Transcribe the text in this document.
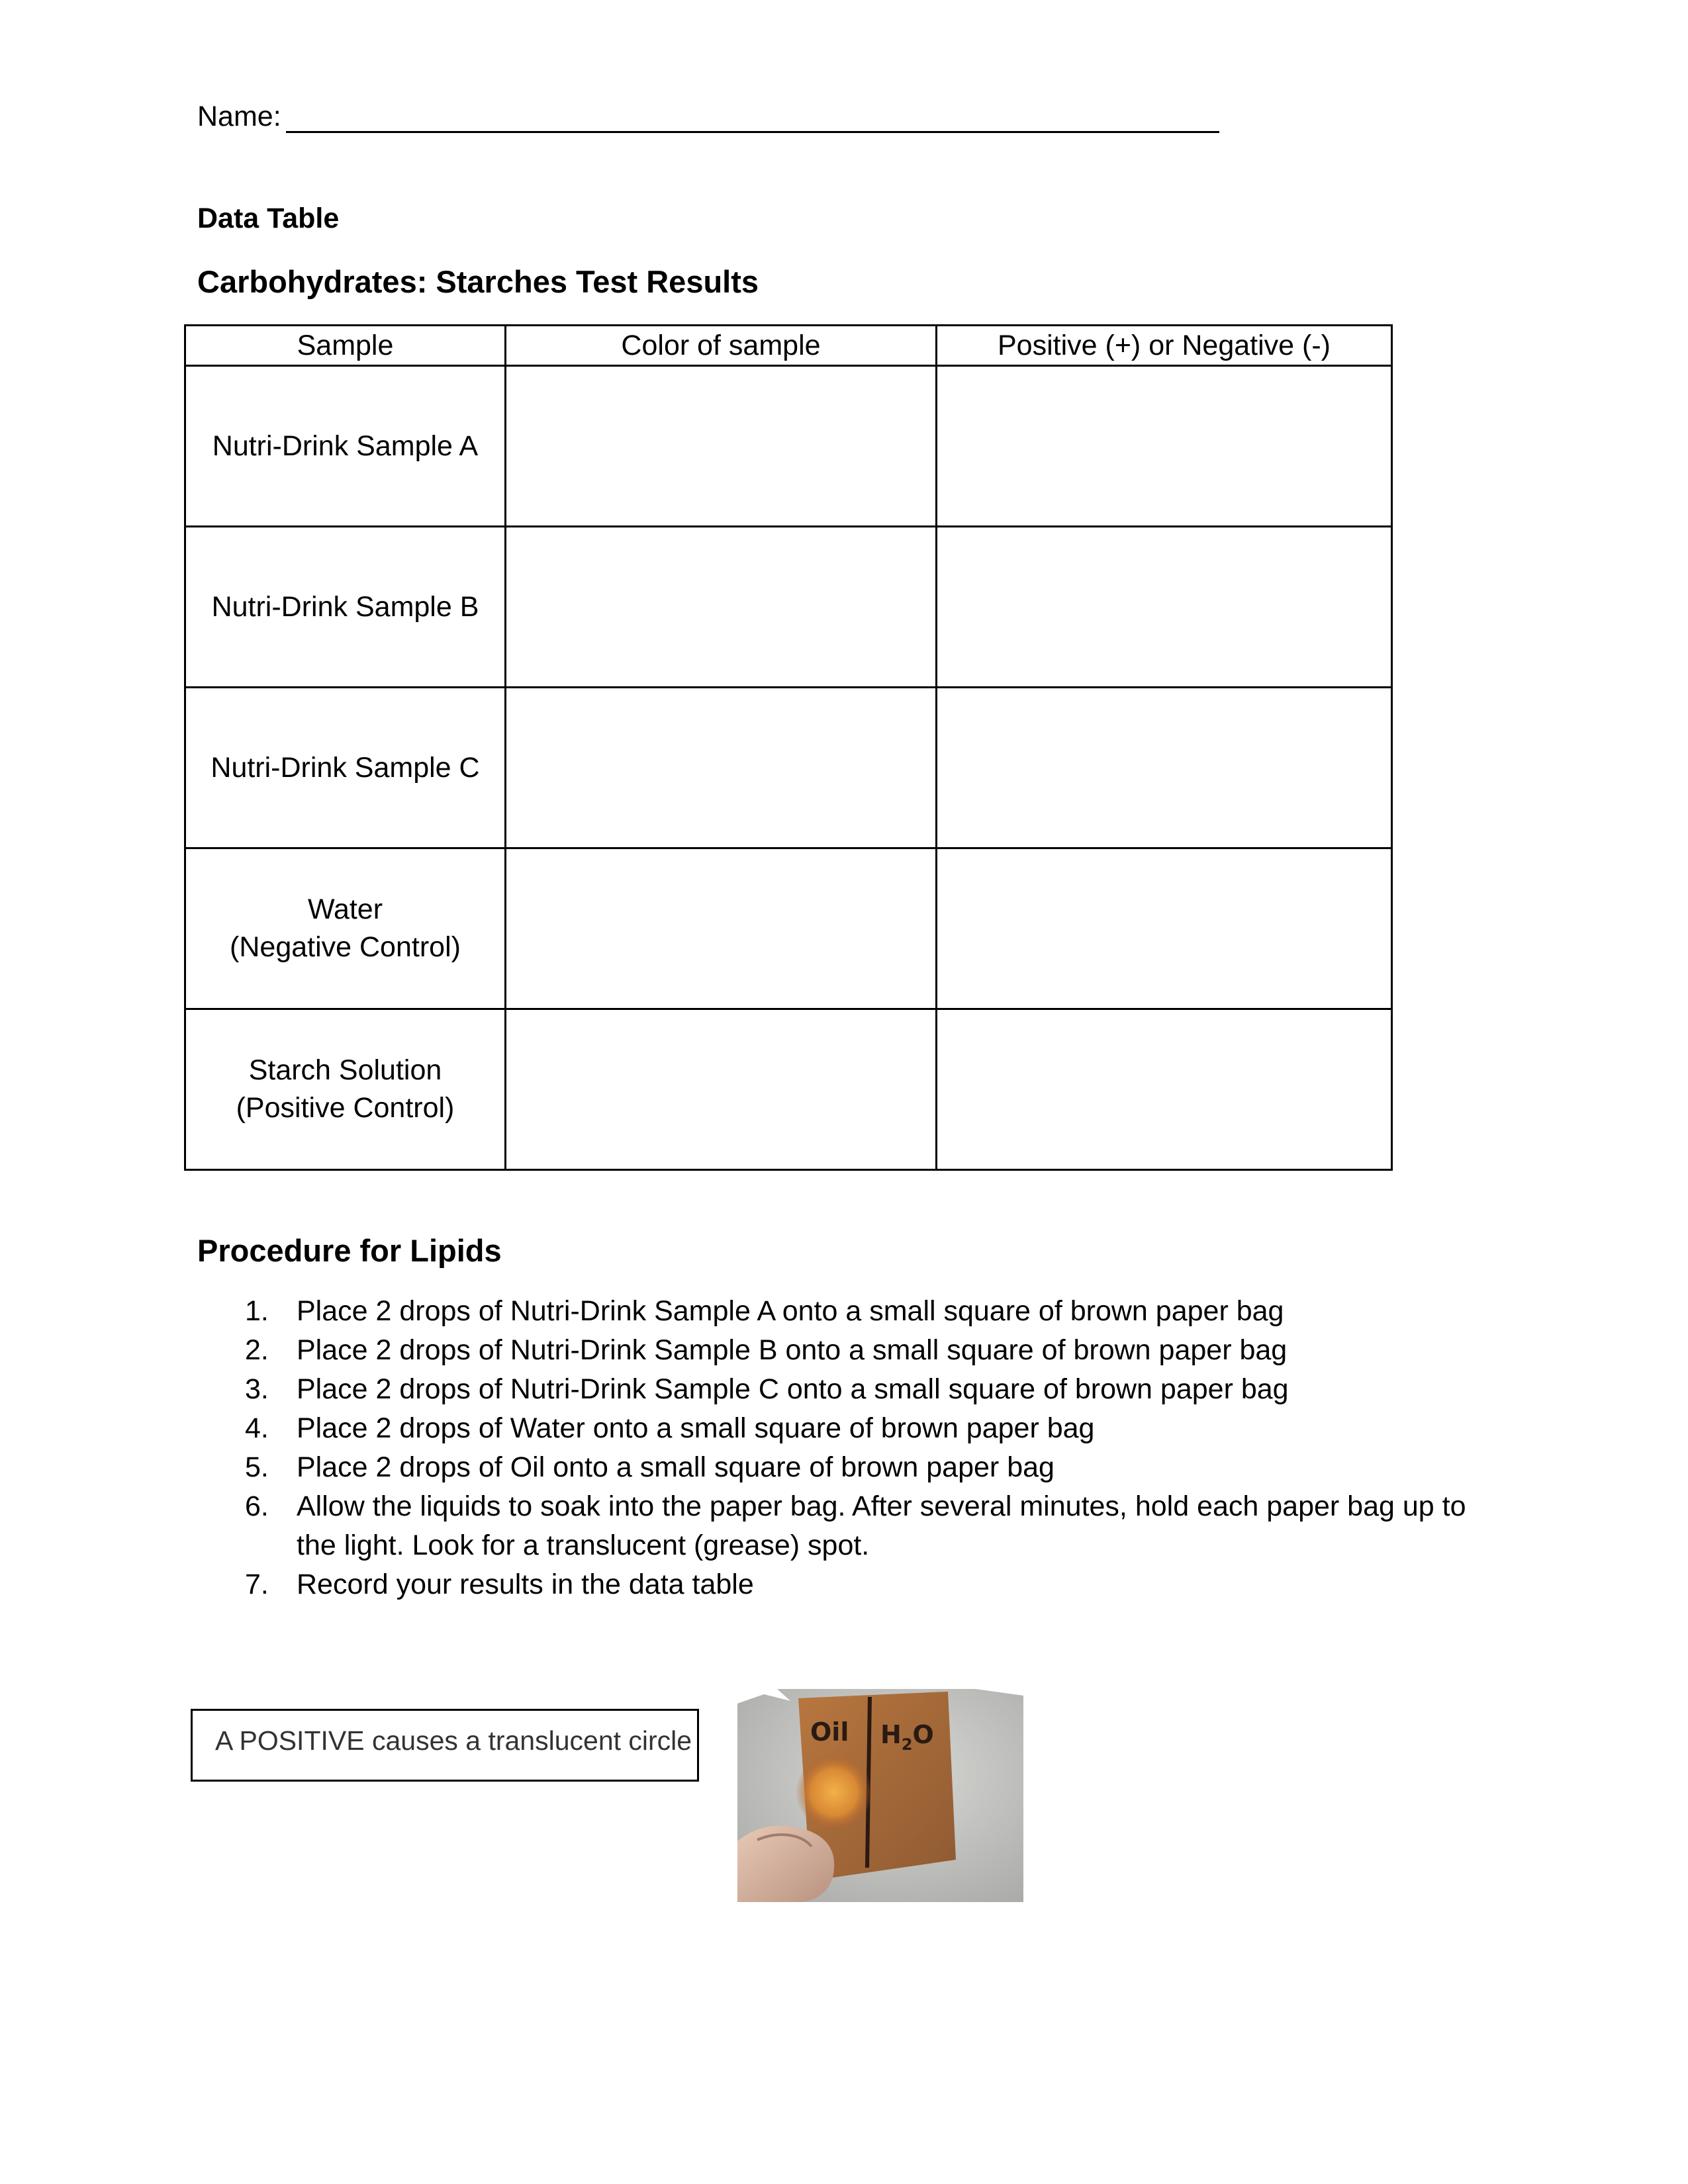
Name:
Data Table
Carbohydrates: Starches Test Results
Sample	Color of sample	Positive (+) or Negative (-)
Nutri-Drink Sample A		
Nutri-Drink Sample B		
Nutri-Drink Sample C		
Water
(Negative Control)		
Starch Solution
(Positive Control)		
Procedure for Lipids
1. Place 2 drops of Nutri-Drink Sample A onto a small square of brown paper bag
2. Place 2 drops of Nutri-Drink Sample B onto a small square of brown paper bag
3. Place 2 drops of Nutri-Drink Sample C onto a small square of brown paper bag
4. Place 2 drops of Water onto a small square of brown paper bag
5. Place 2 drops of Oil onto a small square of brown paper bag
6. Allow the liquids to soak into the paper bag. After several minutes, hold each paper bag up to the light. Look for a translucent (grease) spot.
7. Record your results in the data table
A POSITIVE causes a translucent circle	Oil $H_2O$
